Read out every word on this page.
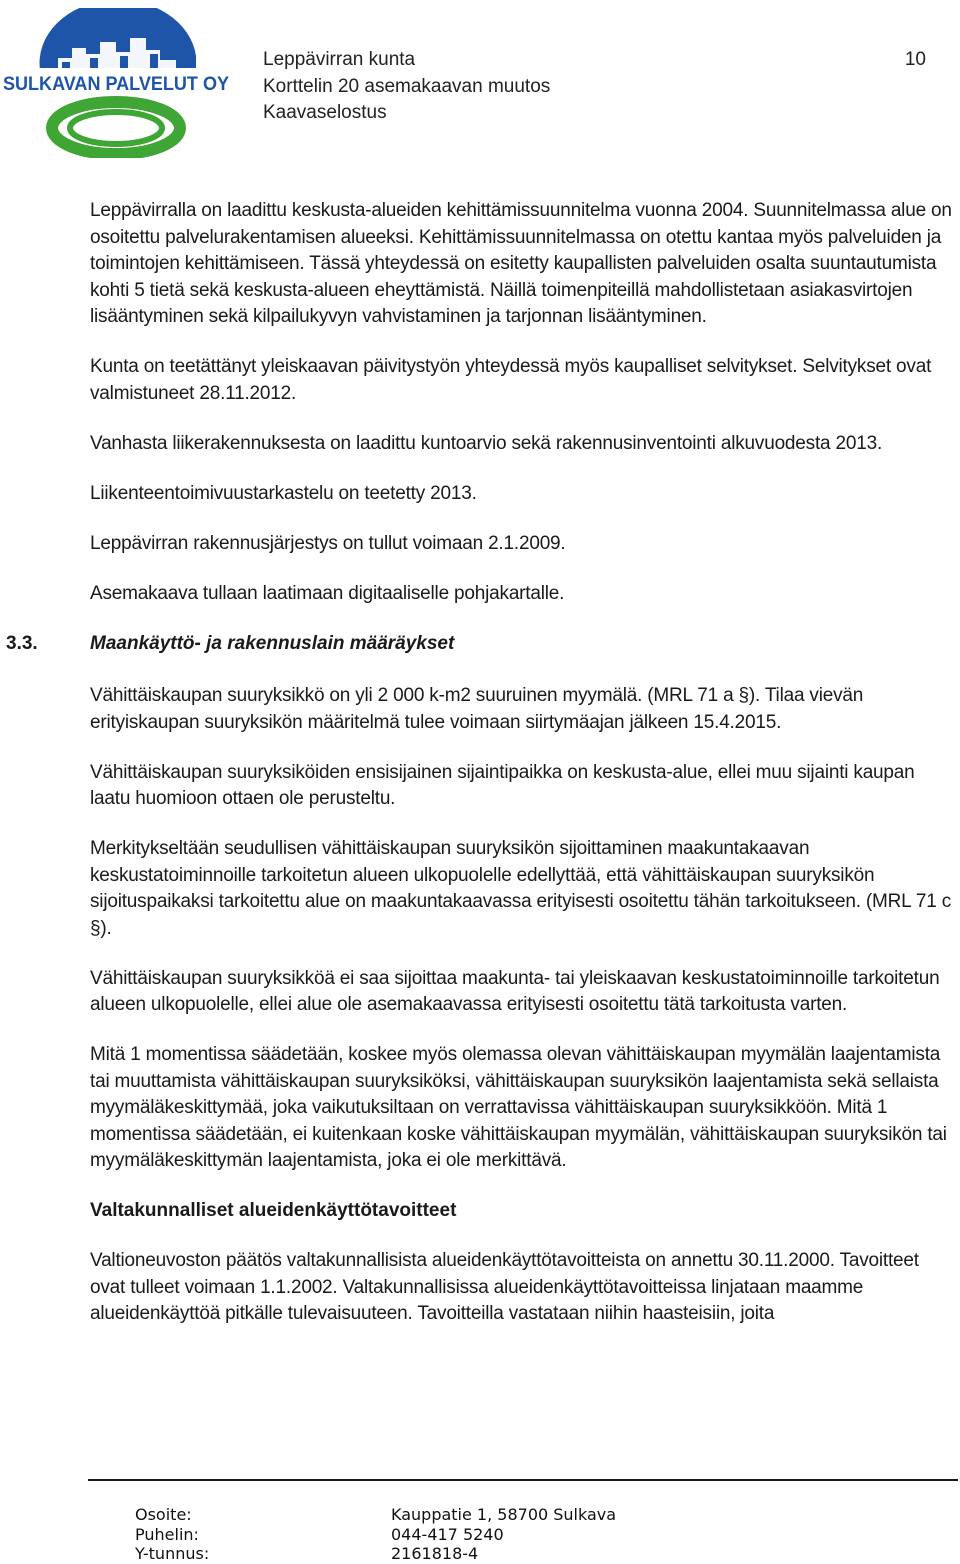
SULKAVAN PALVELUT OY
Leppävirran kunta
Korttelin 20 asemakaavan muutos
Kaavaselostus
10

Leppävirralla on laadittu keskusta-alueiden kehittämissuunnitelma vuonna 2004. Suunnitelmassa alue on osoitettu palvelurakentamisen alueeksi. Kehittämissuunnitelmassa on otettu kantaa myös palveluiden ja toimintojen kehittämiseen. Tässä yhteydessä on esitetty kaupallisten palveluiden osalta suuntautumista kohti 5 tietä sekä keskusta-alueen eheyttämistä. Näillä toimenpiteillä mahdollistetaan asiakasvirtojen lisääntyminen sekä kilpailukyvyn vahvistaminen ja tarjonnan lisääntyminen.

Kunta on teetättänyt yleiskaavan päivitystyön yhteydessä myös kaupalliset selvitykset. Selvitykset ovat valmistuneet 28.11.2012.

Vanhasta liikerakennuksesta on laadittu kuntoarvio sekä rakennusinventointi alkuvuodesta 2013.

Liikenteentoimivuustarkastelu on teetetty 2013.

Leppävirran rakennusjärjestys on tullut voimaan 2.1.2009.

Asemakaava tullaan laatimaan digitaaliselle pohjakartalle.

3.3.	Maankäyttö- ja rakennuslain määräykset

Vähittäiskaupan suuryksikkö on yli 2 000 k-m2 suuruinen myymälä. (MRL 71 a §). Tilaa vievän erityiskaupan suuryksikön määritelmä tulee voimaan siirtymäajan jälkeen 15.4.2015.

Vähittäiskaupan suuryksiköiden ensisijainen sijaintipaikka on keskusta-alue, ellei muu sijainti kaupan laatu huomioon ottaen ole perusteltu.

Merkitykseltään seudullisen vähittäiskaupan suuryksikön sijoittaminen maakuntakaavan keskustatoiminnoille tarkoitetun alueen ulkopuolelle edellyttää, että vähittäiskaupan suuryksikön sijoituspaikaksi tarkoitettu alue on maakuntakaavassa erityisesti osoitettu tähän tarkoitukseen. (MRL 71 c §).

Vähittäiskaupan suuryksikköä ei saa sijoittaa maakunta- tai yleiskaavan keskustatoiminnoille tarkoitetun alueen ulkopuolelle, ellei alue ole asemakaavassa erityisesti osoitettu tätä tarkoitusta varten.

Mitä 1 momentissa säädetään, koskee myös olemassa olevan vähittäiskaupan myymälän laajentamista tai muuttamista vähittäiskaupan suuryksiköksi, vähittäiskaupan suuryksikön laajentamista sekä sellaista myymäläkeskittymää, joka vaikutuksiltaan on verrattavissa vähittäiskaupan suuryksikköön. Mitä 1 momentissa säädetään, ei kuitenkaan koske vähittäiskaupan myymälän, vähittäiskaupan suuryksikön tai myymäläkeskittymän laajentamista, joka ei ole merkittävä.

Valtakunnalliset alueidenkäyttötavoitteet

Valtioneuvoston päätös valtakunnallisista alueidenkäyttötavoitteista on annettu 30.11.2000. Tavoitteet ovat tulleet voimaan 1.1.2002. Valtakunnallisissa alueidenkäyttötavoitteissa linjataan maamme alueidenkäyttöä pitkälle tulevaisuuteen. Tavoitteilla vastataan niihin haasteisiin, joita

Osoite:	Kauppatie 1, 58700 Sulkava
Puhelin:	044-417 5240
Y-tunnus:	2161818-4
